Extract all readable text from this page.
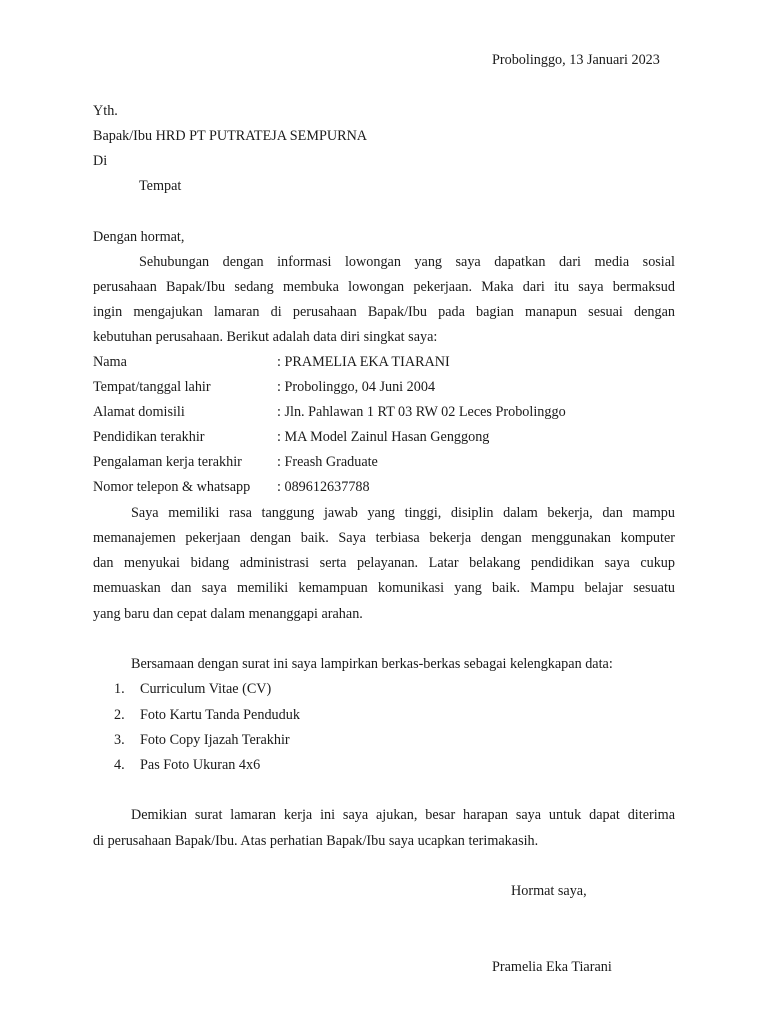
Probolinggo, 13 Januari 2023
Yth.
Bapak/Ibu HRD PT PUTRATEJA SEMPURNA
Di
Tempat
Dengan hormat,
Sehubungan dengan informasi lowongan yang saya dapatkan dari media sosial
perusahaan Bapak/Ibu sedang membuka lowongan pekerjaan. Maka dari itu saya bermaksud
ingin mengajukan lamaran di perusahaan Bapak/Ibu pada bagian manapun sesuai dengan
kebutuhan perusahaan. Berikut adalah data diri singkat saya:
Nama	: PRAMELIA EKA TIARANI
Tempat/tanggal lahir	: Probolinggo, 04 Juni 2004
Alamat domisili	: Jln. Pahlawan 1 RT 03 RW 02 Leces Probolinggo
Pendidikan terakhir	: MA Model Zainul Hasan Genggong
Pengalaman kerja terakhir : Freash Graduate
Nomor telepon & whatsapp : 089612637788
Saya memiliki rasa tanggung jawab yang tinggi, disiplin dalam bekerja, dan mampu
memanajemen pekerjaan dengan baik. Saya terbiasa bekerja dengan menggunakan komputer
dan menyukai bidang administrasi serta pelayanan. Latar belakang pendidikan saya cukup
memuaskan dan saya memiliki kemampuan komunikasi yang baik. Mampu belajar sesuatu
yang baru dan cepat dalam menanggapi arahan.
Bersamaan dengan surat ini saya lampirkan berkas-berkas sebagai kelengkapan data:
1. Curriculum Vitae (CV)
2. Foto Kartu Tanda Penduduk
3. Foto Copy Ijazah Terakhir
4. Pas Foto Ukuran 4x6
Demikian surat lamaran kerja ini saya ajukan, besar harapan saya untuk dapat diterima
di perusahaan Bapak/Ibu. Atas perhatian Bapak/Ibu saya ucapkan terimakasih.
Hormat saya,
Pramelia Eka Tiarani
